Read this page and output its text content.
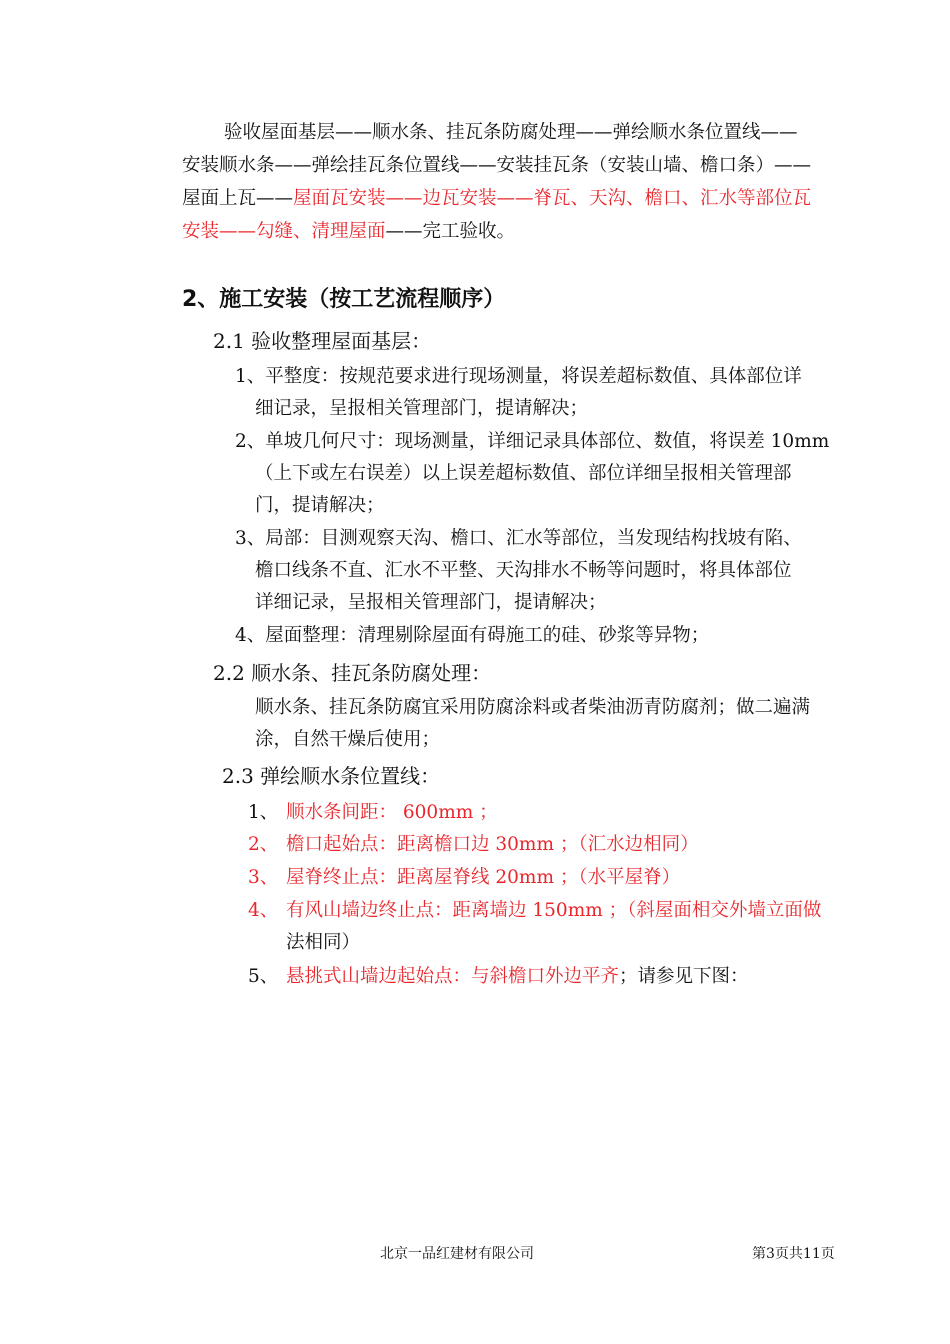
验收屋面基层——顺水条、挂瓦条防腐处理——弹绘顺水条位置线——
安装顺水条——弹绘挂瓦条位置线——安装挂瓦条（安装山墙、檐口条）——
屋面上瓦——屋面瓦安装——边瓦安装——脊瓦、天沟、檐口、汇水等部位瓦
安装——勾缝、清理屋面——完工验收。
2、施工安装（按工艺流程顺序）
2.1 验收整理屋面基层：
1、平整度：按规范要求进行现场测量，将误差超标数值、具体部位详
细记录，呈报相关管理部门，提请解决；
2、单坡几何尺寸：现场测量，详细记录具体部位、数值，将误差 10mm
（上下或左右误差）以上误差超标数值、部位详细呈报相关管理部
门，提请解决；
3、局部：目测观察天沟、檐口、汇水等部位，当发现结构找坡有陷、
檐口线条不直、汇水不平整、天沟排水不畅等问题时，将具体部位
详细记录，呈报相关管理部门，提请解决；
4、屋面整理：清理剔除屋面有碍施工的硅、砂浆等异物；
2.2 顺水条、挂瓦条防腐处理：
顺水条、挂瓦条防腐宜采用防腐涂料或者柴油沥青防腐剂；做二遍满
涂，自然干燥后使用；
2.3 弹绘顺水条位置线：
1、 顺水条间距： 600mm ；
2、 檐口起始点：距离檐口边 30mm ；（汇水边相同）
3、 屋脊终止点：距离屋脊线 20mm ；（水平屋脊）
4、 有风山墙边终止点：距离墙边 150mm ；（斜屋面相交外墙立面做
法相同）
5、 悬挑式山墙边起始点：与斜檐口外边平齐；请参见下图：
北京一品红建材有限公司	第3页共11页
